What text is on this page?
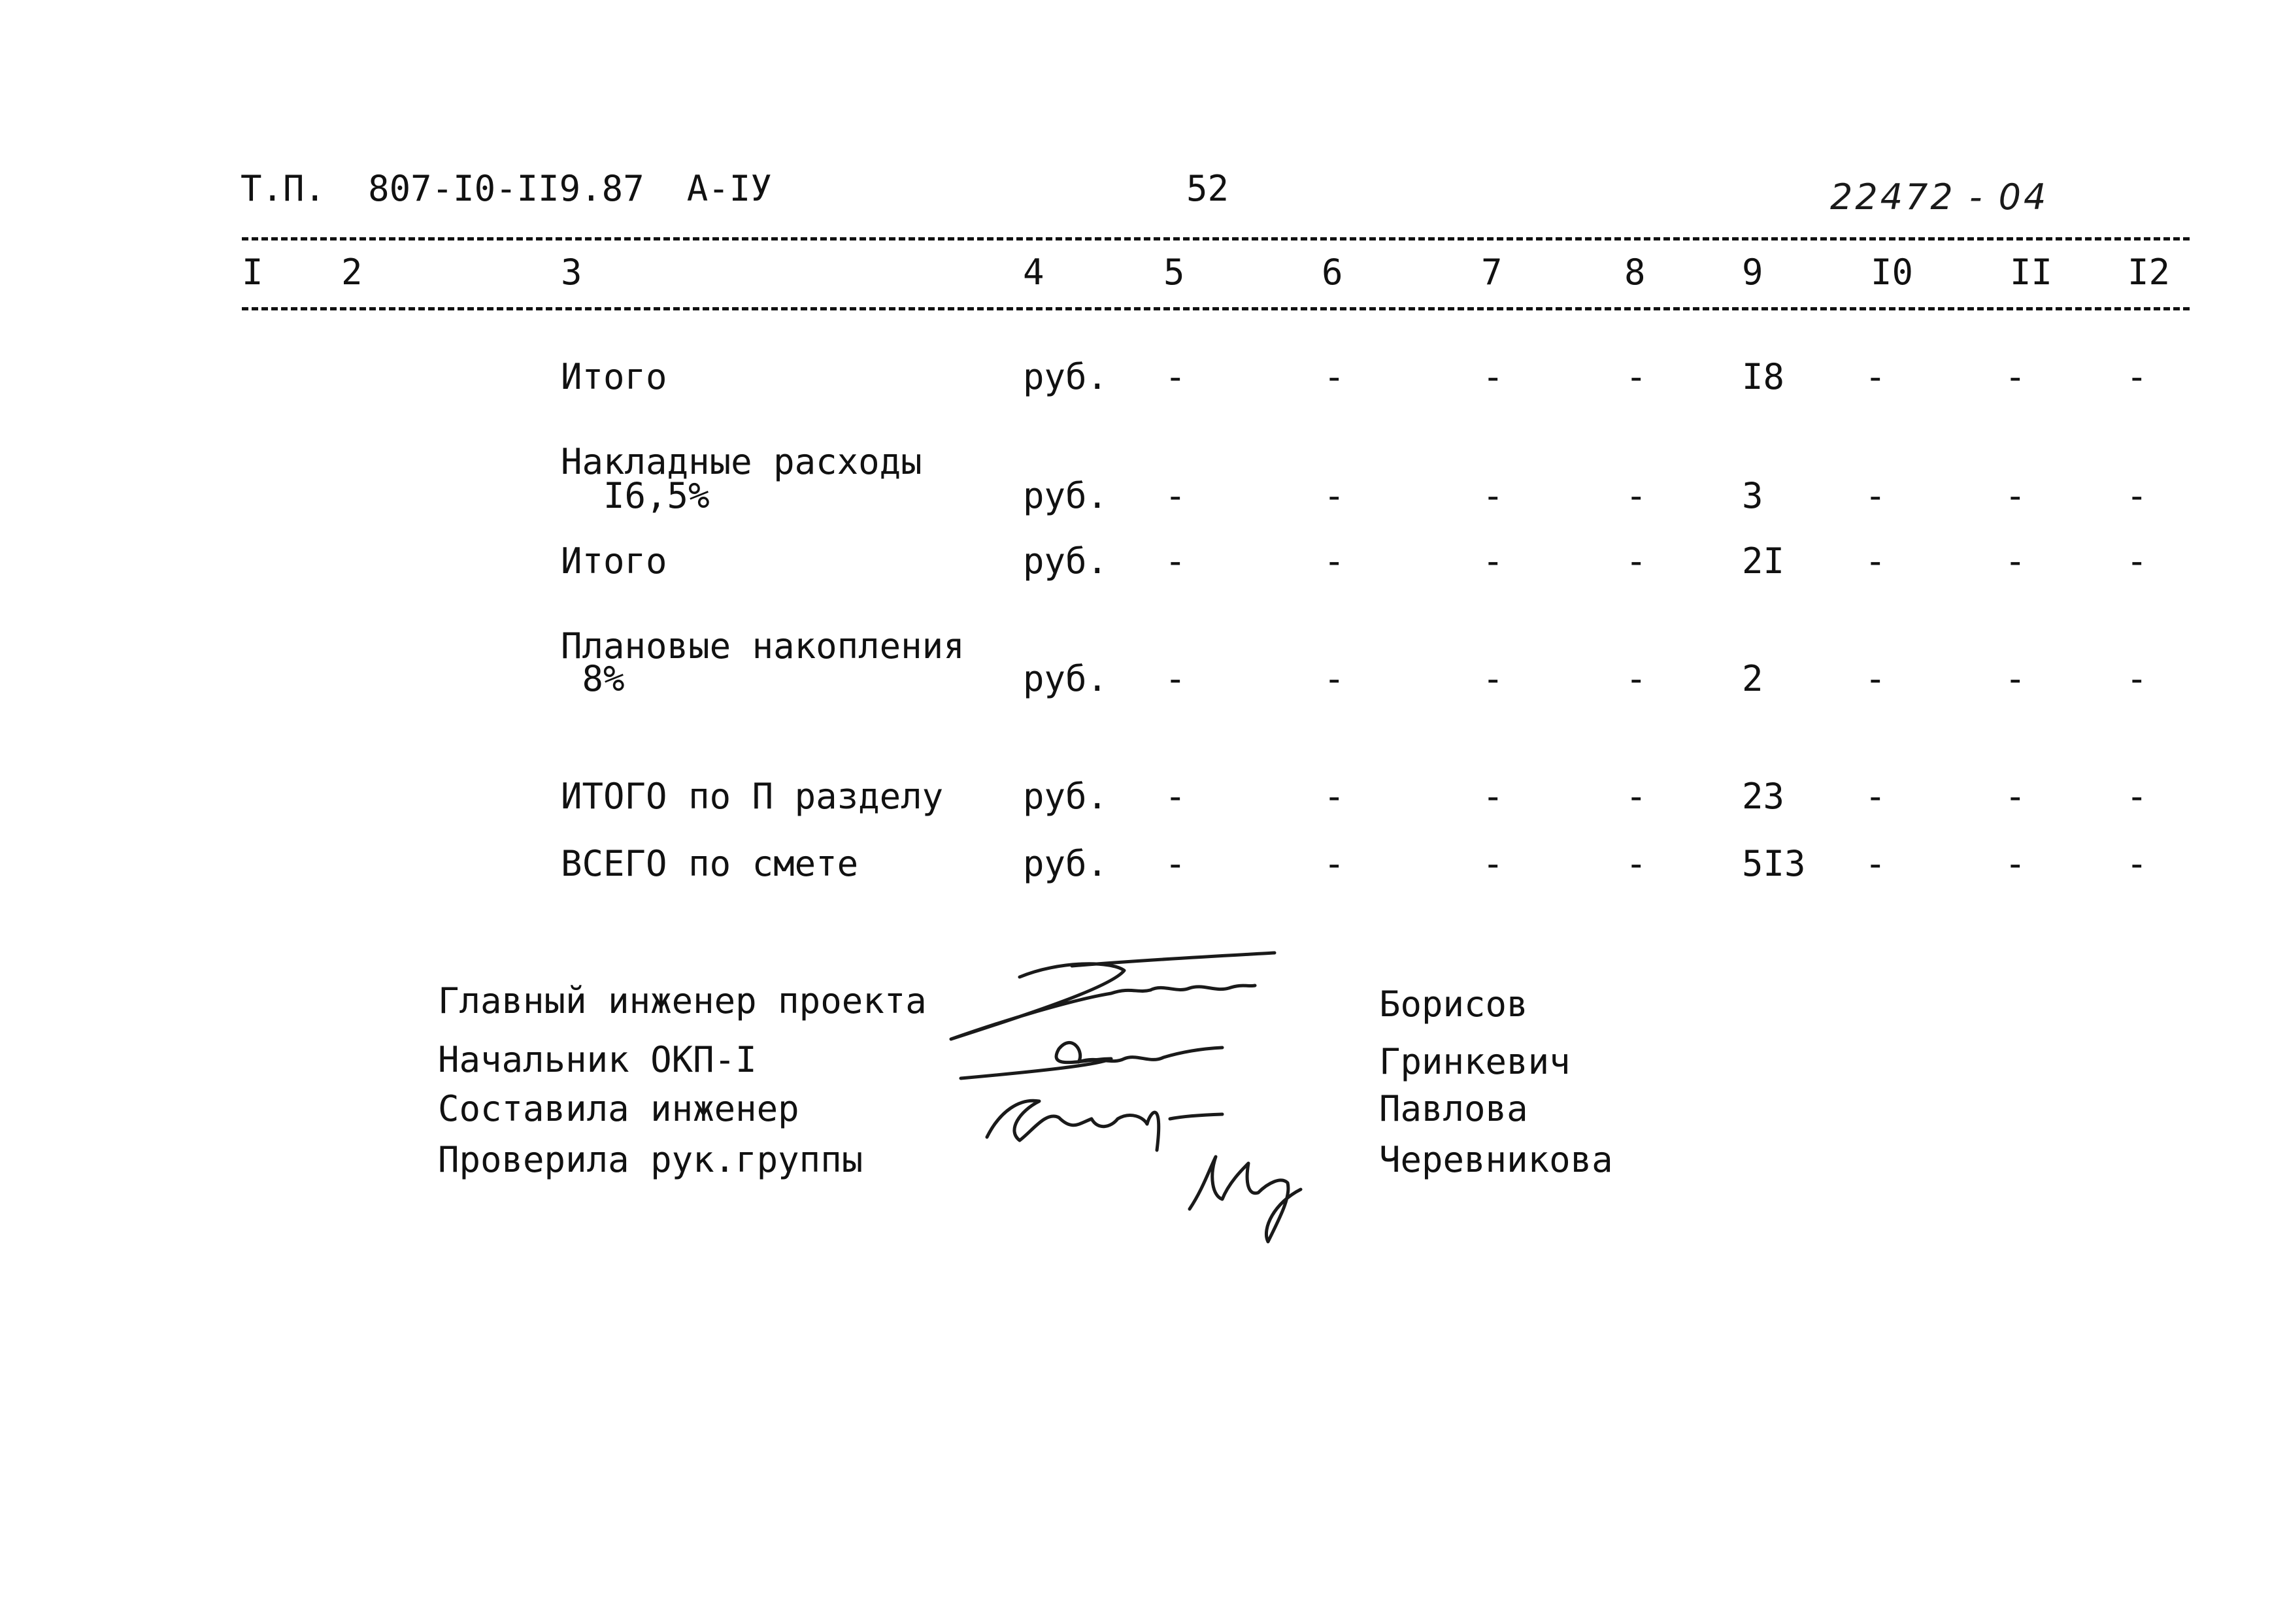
Т.П.  807-I0-II9.87  А-IУ	52	22472 - 04
I 2	3	4	5	6	7	8	9	I0	II I2
Итого	руб. -	-	-	-	I8 -	-	-
Накладные расходы
I6,5%	руб. -	-	-	-	3	-	-	-
Итого	руб. -	-	-	-	2I -	-	-
Плановые накопления
8%	руб. -	-	-	-	2	-	-	-
ИТОГО по П разделу руб. -	-	-	-	23 -	-	-
ВСЕГО по смете	руб. -	-	-	-	5I3 -	-	-
Главный инженер проекта	Борисов
Начальник ОКП-I	Гринкевич
Составила инженер	Павлова
Проверила рук.группы	Черевникова
